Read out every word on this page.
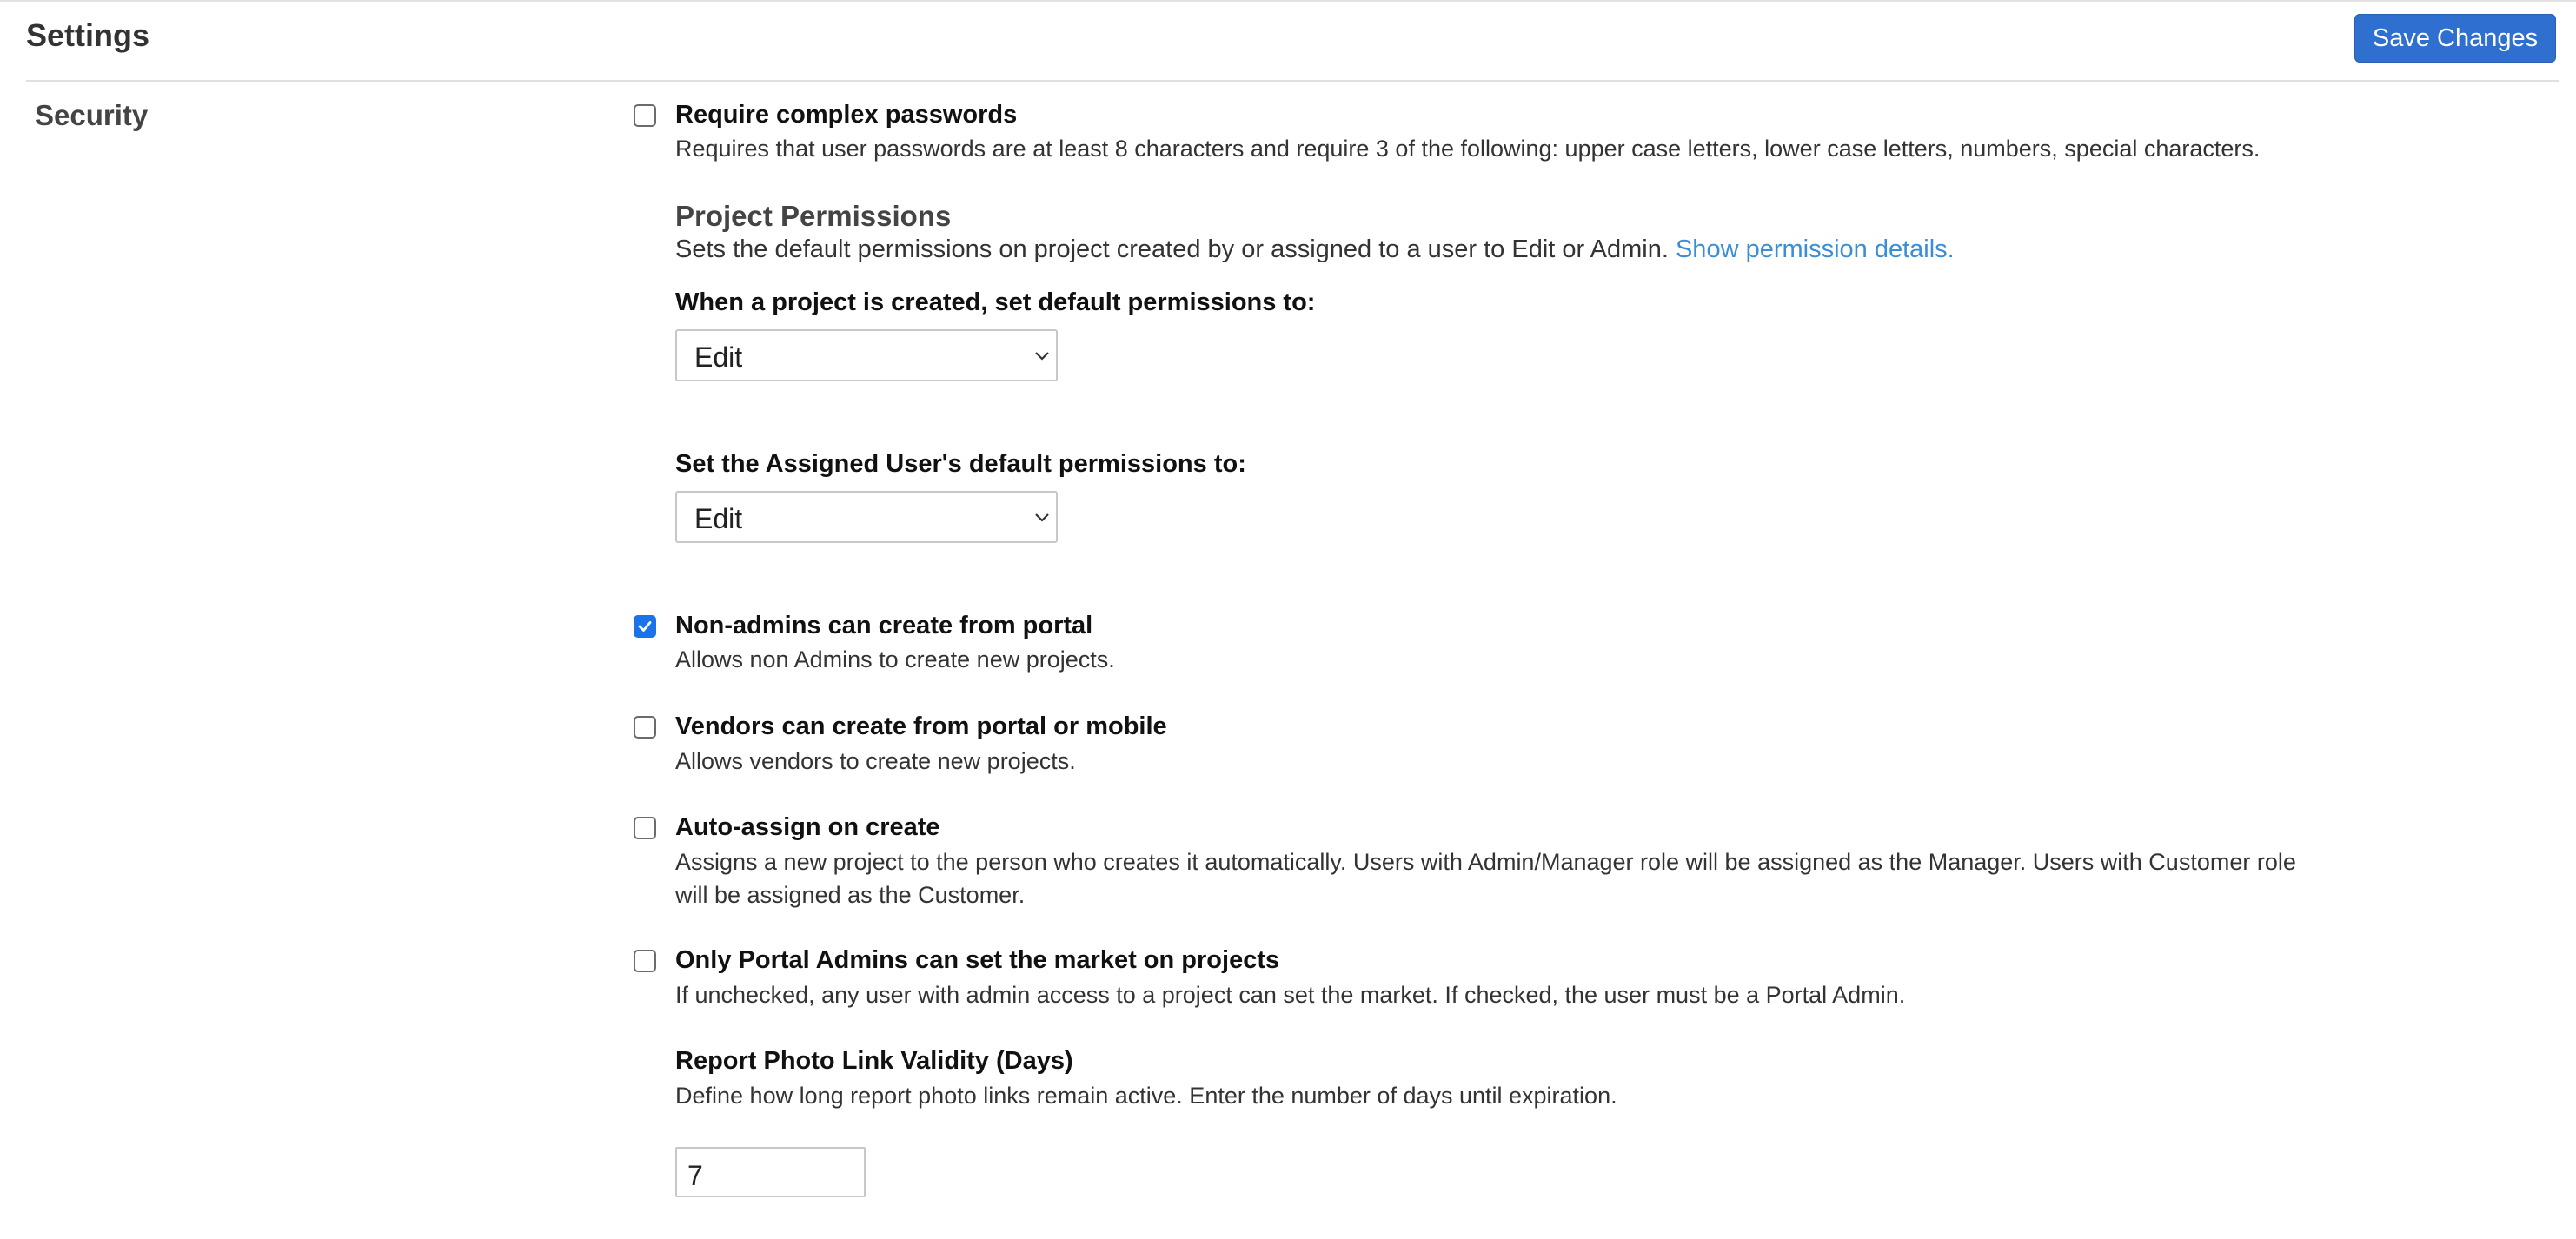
Settings	Save Changes
Security	Require complex passwords
Requires that user passwords are at least 8 characters and require 3 of the following: upper case letters, lower case letters, numbers, special characters.
Project Permissions
Sets the default permissions on project created by or assigned to a user to Edit or Admin. Show permission details.
When a project is created, set default permissions to:
Edit
Set the Assigned User's default permissions to:
Edit
Non-admins can create from portal
Allows non Admins to create new projects.
Vendors can create from portal or mobile
Allows vendors to create new projects.
Auto-assign on create
Assigns a new project to the person who creates it automatically. Users with Admin/Manager role will be assigned as the Manager. Users with Customer role
will be assigned as the Customer.
Only Portal Admins can set the market on projects
If unchecked, any user with admin access to a project can set the market. If checked, the user must be a Portal Admin.
Report Photo Link Validity (Days)
Define how long report photo links remain active. Enter the number of days until expiration.
7
